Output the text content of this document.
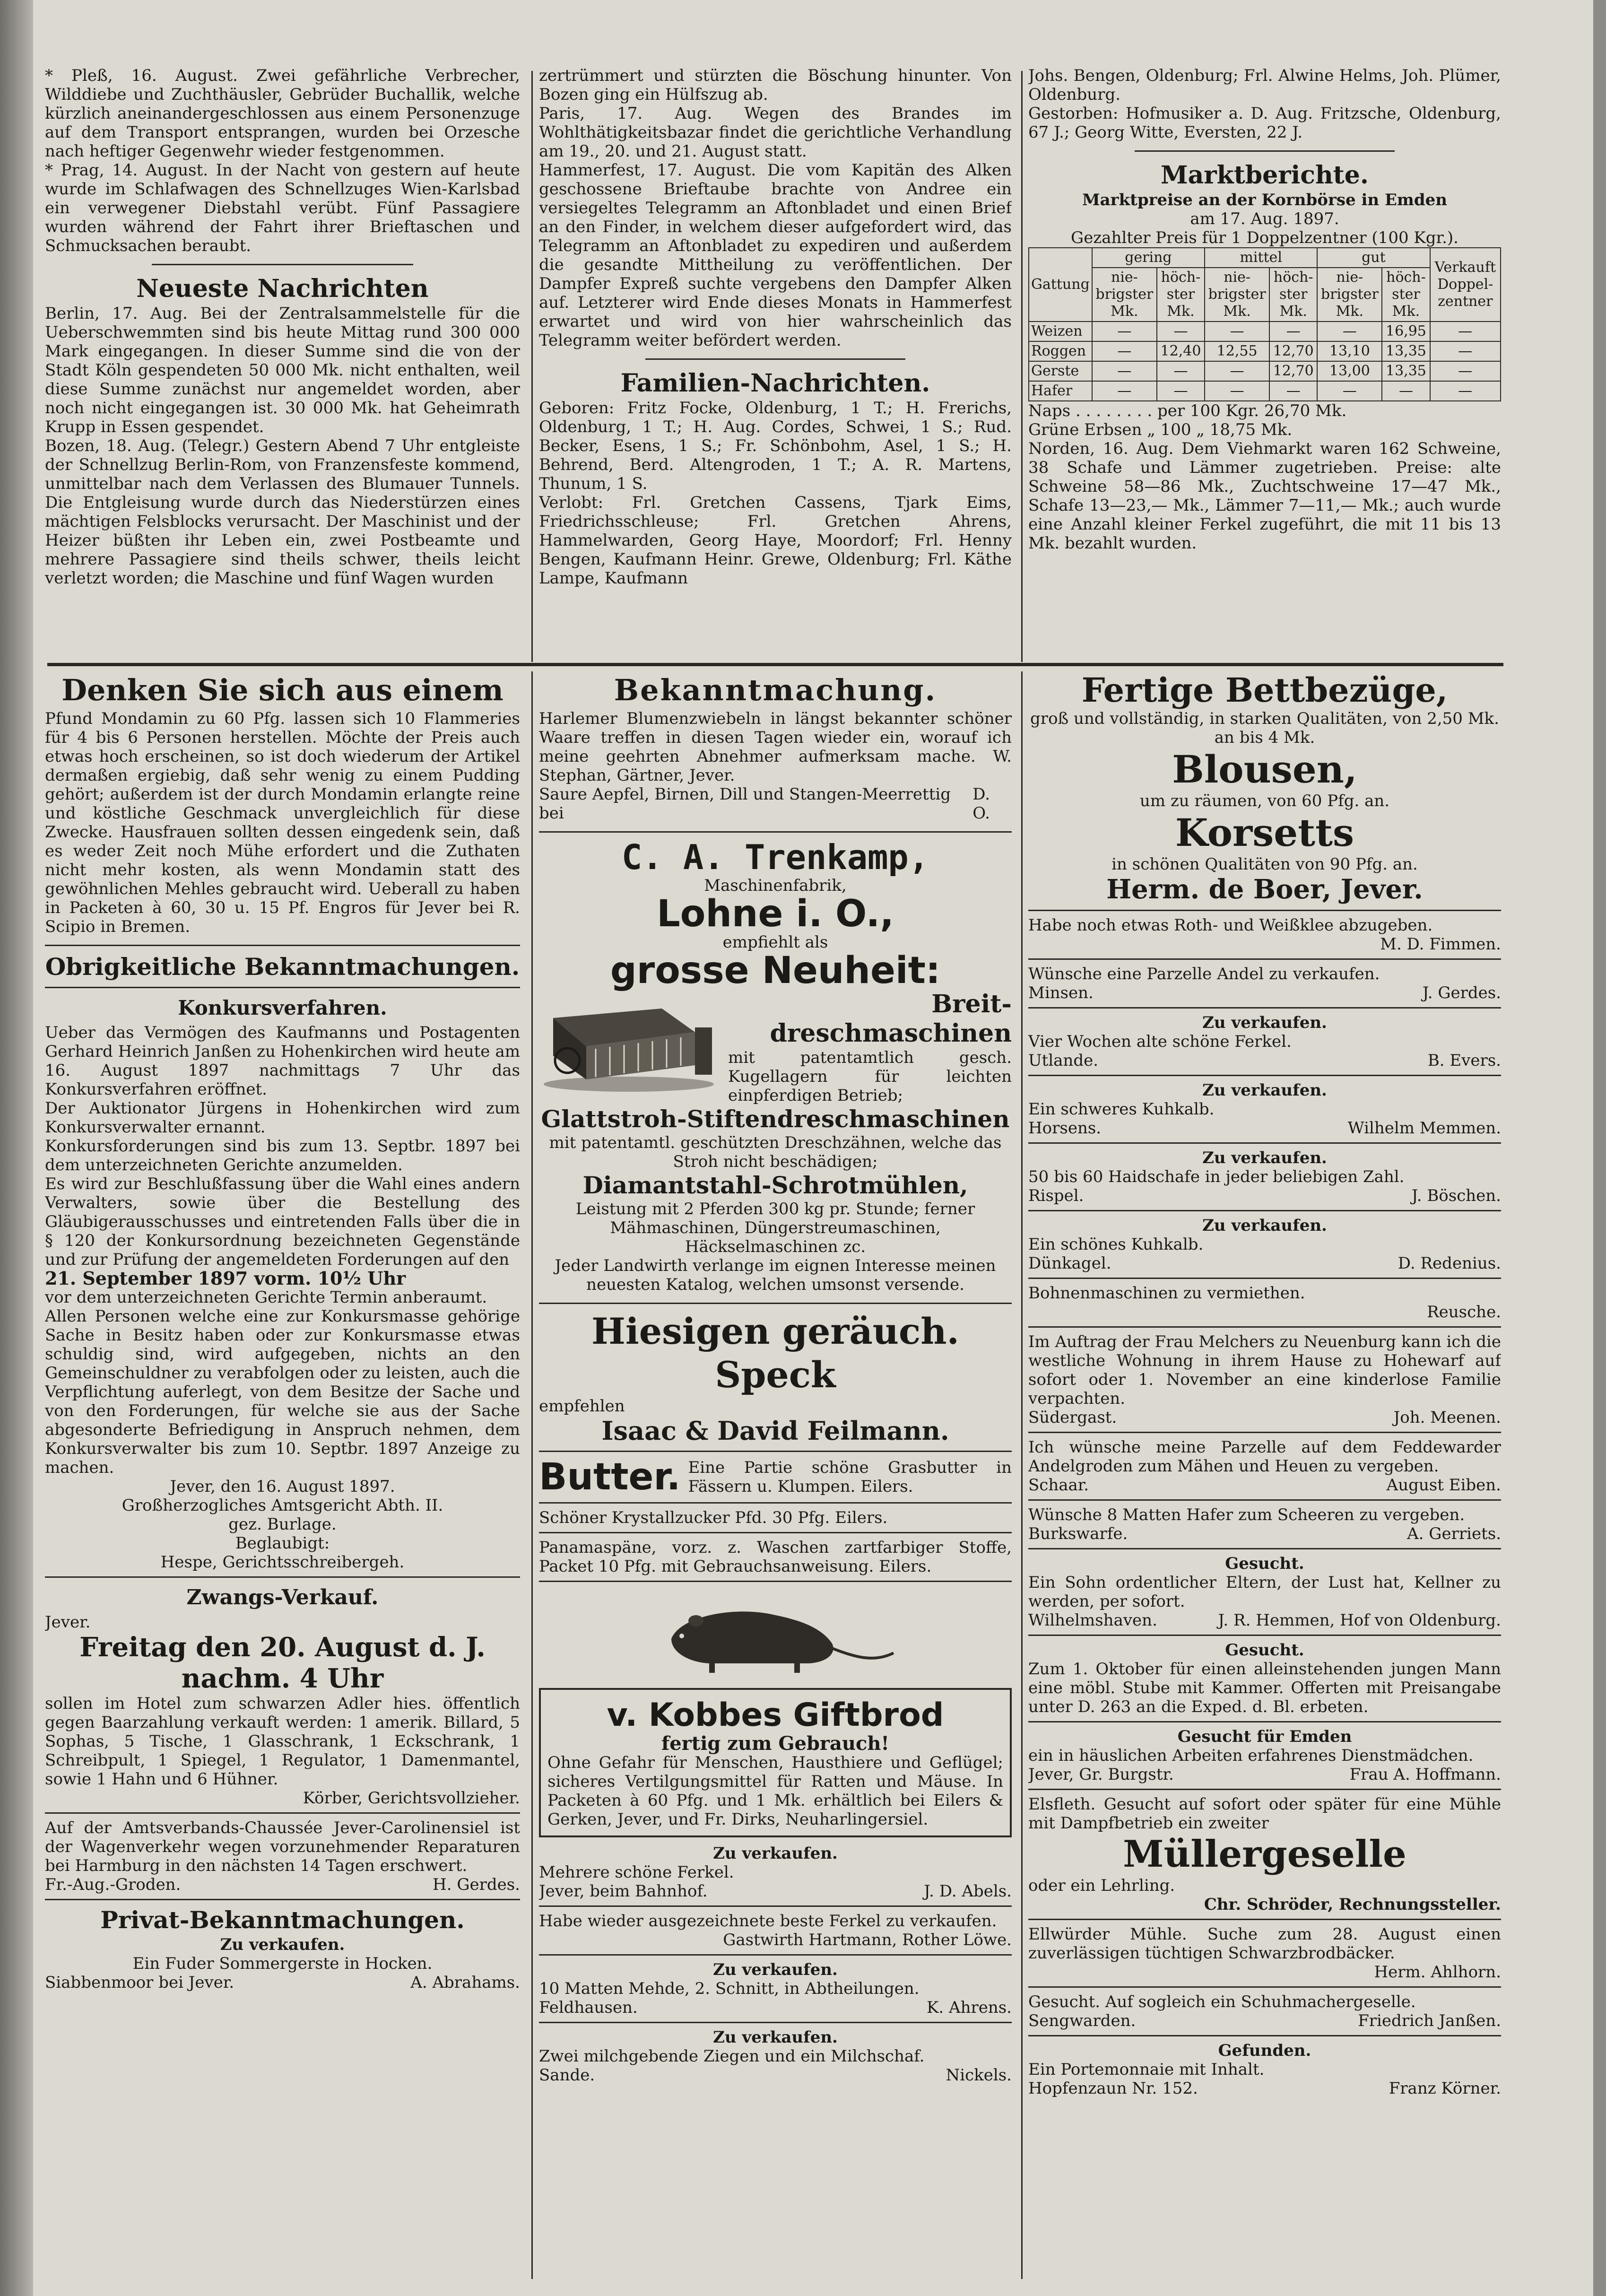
* Pleß, 16. August. Zwei gefährliche Verbrecher, Wilddiebe und Zuchthäusler, Gebrüder Buchallik, welche kürzlich aneinandergeschlossen aus einem Personenzuge auf dem Transport entsprangen, wurden bei Orzesche nach heftiger Gegenwehr wieder festgenommen.

* Prag, 14. August. In der Nacht von gestern auf heute wurde im Schlafwagen des Schnellzuges Wien-Karlsbad ein verwegener Diebstahl verübt. Fünf Passagiere wurden während der Fahrt ihrer Brieftaschen und Schmucksachen beraubt.

Neueste Nachrichten

Berlin, 17. Aug. Bei der Zentralsammelstelle für die Ueberschwemmten sind bis heute Mittag rund 300 000 Mark eingegangen. In dieser Summe sind die von der Stadt Köln gespendeten 50 000 Mk. nicht enthalten, weil diese Summe zunächst nur angemeldet worden, aber noch nicht eingegangen ist. 30 000 Mk. hat Geheimrath Krupp in Essen gespendet.

Bozen, 18. Aug. (Telegr.) Gestern Abend 7 Uhr entgleiste der Schnellzug Berlin-Rom, von Franzensfeste kommend, unmittelbar nach dem Verlassen des Blumauer Tunnels. Die Entgleisung wurde durch das Niederstürzen eines mächtigen Felsblocks verursacht. Der Maschinist und der Heizer büßten ihr Leben ein, zwei Postbeamte und mehrere Passagiere sind theils schwer, theils leicht verletzt worden; die Maschine und fünf Wagen wurden

zertrümmert und stürzten die Böschung hinunter. Von Bozen ging ein Hülfszug ab.

Paris, 17. Aug. Wegen des Brandes im Wohlthätigkeitsbazar findet die gerichtliche Verhandlung am 19., 20. und 21. August statt.

Hammerfest, 17. August. Die vom Kapitän des Alken geschossene Brieftaube brachte von Andree ein versiegeltes Telegramm an Aftonbladet und einen Brief an den Finder, in welchem dieser aufgefordert wird, das Telegramm an Aftonbladet zu expediren und außerdem die gesandte Mittheilung zu veröffentlichen. Der Dampfer Expreß suchte vergebens den Dampfer Alken auf. Letzterer wird Ende dieses Monats in Hammerfest erwartet und wird von hier wahrscheinlich das Telegramm weiter befördert werden.

Familien-Nachrichten.

Geboren: Fritz Focke, Oldenburg, 1 T.; H. Frerichs, Oldenburg, 1 T.; H. Aug. Cordes, Schwei, 1 S.; Rud. Becker, Esens, 1 S.; Fr. Schönbohm, Asel, 1 S.; H. Behrend, Berd. Altengroden, 1 T.; A. R. Martens, Thunum, 1 S.

Verlobt: Frl. Gretchen Cassens, Tjark Eims, Friedrichsschleuse; Frl. Gretchen Ahrens, Hammelwarden, Georg Haye, Moordorf; Frl. Henny Bengen, Kaufmann Heinr. Grewe, Oldenburg; Frl. Käthe Lampe, Kaufmann

Johs. Bengen, Oldenburg; Frl. Alwine Helms, Joh. Plümer, Oldenburg.

Gestorben: Hofmusiker a. D. Aug. Fritzsche, Oldenburg, 67 J.; Georg Witte, Eversten, 22 J.

Marktberichte.

Marktpreise an der Kornbörse in Emden

am 17. Aug. 1897.

Gezahlter Preis für 1 Doppelzentner (100 Kgr.).

Gattung	gering		mittel		gut		Verkauft Doppel- zentner
	nie- brigster Mk.	höch- ster Mk.	nie- brigster Mk.	höch- ster Mk.	nie- brigster Mk.	höch- ster Mk.	
Weizen	—	—	—	—	—	16,95	—
Roggen	—	12,40	12,55	12,70	13,10	13,35	—
Gerste	—	—	—	12,70	13,00	13,35	—
Hafer	—	—	—	—	—	—	—

Naps . . . . . . . . per 100 Kgr. 26,70 Mk.

Grüne Erbsen „ 100 „ 18,75 Mk.

Norden, 16. Aug. Dem Viehmarkt waren 162 Schweine, 38 Schafe und Lämmer zugetrieben. Preise: alte Schweine 58—86 Mk., Zuchtschweine 17—47 Mk., Schafe 13—23,— Mk., Lämmer 7—11,— Mk.; auch wurde eine Anzahl kleiner Ferkel zugeführt, die mit 11 bis 13 Mk. bezahlt wurden.

Denken Sie sich aus einem

Pfund Mondamin zu 60 Pfg. lassen sich 10 Flammeries für 4 bis 6 Personen herstellen. Möchte der Preis auch etwas hoch erscheinen, so ist doch wiederum der Artikel dermaßen ergiebig, daß sehr wenig zu einem Pudding gehört; außerdem ist der durch Mondamin erlangte reine und köstliche Geschmack unvergleichlich für diese Zwecke. Hausfrauen sollten dessen eingedenk sein, daß es weder Zeit noch Mühe erfordert und die Zuthaten nicht mehr kosten, als wenn Mondamin statt des gewöhnlichen Mehles gebraucht wird. Ueberall zu haben in Packeten à 60, 30 u. 15 Pf. Engros für Jever bei R. Scipio in Bremen.

Obrigkeitliche Bekanntmachungen.

Konkursverfahren.

Ueber das Vermögen des Kaufmanns und Postagenten Gerhard Heinrich Janßen zu Hohenkirchen wird heute am 16. August 1897 nachmittags 7 Uhr das Konkursverfahren eröffnet.

Der Auktionator Jürgens in Hohenkirchen wird zum Konkursverwalter ernannt.

Konkursforderungen sind bis zum 13. Septbr. 1897 bei dem unterzeichneten Gerichte anzumelden.

Es wird zur Beschlußfassung über die Wahl eines andern Verwalters, sowie über die Bestellung des Gläubigerausschusses und eintretenden Falls über die in § 120 der Konkursordnung bezeichneten Gegenstände und zur Prüfung der angemeldeten Forderungen auf den

21. September 1897 vorm. 10½ Uhr

vor dem unterzeichneten Gerichte Termin anberaumt.

Allen Personen welche eine zur Konkursmasse gehörige Sache in Besitz haben oder zur Konkursmasse etwas schuldig sind, wird aufgegeben, nichts an den Gemeinschuldner zu verabfolgen oder zu leisten, auch die Verpflichtung auferlegt, von dem Besitze der Sache und von den Forderungen, für welche sie aus der Sache abgesonderte Befriedigung in Anspruch nehmen, dem Konkursverwalter bis zum 10. Septbr. 1897 Anzeige zu machen.

Jever, den 16. August 1897.

Großherzogliches Amtsgericht Abth. II.

gez. Burlage.

Beglaubigt:

Hespe, Gerichtsschreibergeh.

Zwangs-Verkauf.

Jever.

Freitag den 20. August d. J.

nachm. 4 Uhr

sollen im Hotel zum schwarzen Adler hies. öffentlich gegen Baarzahlung verkauft werden: 1 amerik. Billard, 5 Sophas, 5 Tische, 1 Glasschrank, 1 Eckschrank, 1 Schreibpult, 1 Spiegel, 1 Regulator, 1 Damenmantel, sowie 1 Hahn und 6 Hühner.

Körber, Gerichtsvollzieher.

Auf der Amtsverbands-Chaussée Jever-Carolinensiel ist der Wagenverkehr wegen vorzunehmender Reparaturen bei Harmburg in den nächsten 14 Tagen erschwert.

Fr.-Aug.-Groden.	H. Gerdes.

Privat-Bekanntmachungen.

Zu verkaufen.

Ein Fuder Sommergerste in Hocken.

Siabbenmoor bei Jever.	A. Abrahams.

Bekanntmachung.

Harlemer Blumenzwiebeln in längst bekannter schöner Waare treffen in diesen Tagen wieder ein, worauf ich meine geehrten Abnehmer aufmerksam mache. W. Stephan, Gärtner, Jever.

Saure Aepfel, Birnen, Dill und Stangen-Meerrettig bei
D. O.

C. A. Trenkamp,

Maschinenfabrik,

Lohne i. O.,

empfiehlt als

grosse Neuheit:

Breit-

dreschmaschinen

mit patentamtlich gesch. Kugellagern für leichten einpferdigen Betrieb;

Glattstroh-Stiftendreschmaschinen

mit patentamtl. geschützten Dreschzähnen, welche das Stroh nicht beschädigen;

Diamantstahl-Schrotmühlen,

Leistung mit 2 Pferden 300 kg pr. Stunde; ferner Mähmaschinen, Düngerstreumaschinen, Häckselmaschinen zc.

Jeder Landwirth verlange im eignen Interesse meinen neuesten Katalog, welchen umsonst versende.

Hiesigen geräuch. Speck

empfehlen

Isaac & David Feilmann.

Butter. Eine Partie schöne Grasbutter in Fässern u. Klumpen. Eilers.

Schöner Krystallzucker Pfd. 30 Pfg. Eilers.

Panamaspäne, vorz. z. Waschen zartfarbiger Stoffe, Packet 10 Pfg. mit Gebrauchsanweisung. Eilers.

v. Kobbes Giftbrod

fertig zum Gebrauch!

Ohne Gefahr für Menschen, Hausthiere und Geflügel; sicheres Vertilgungsmittel für Ratten und Mäuse. In Packeten à 60 Pfg. und 1 Mk. erhältlich bei Eilers & Gerken, Jever, und Fr. Dirks, Neuharlingersiel.

Zu verkaufen.

Mehrere schöne Ferkel.

Jever, beim Bahnhof.	J. D. Abels.

Habe wieder ausgezeichnete beste Ferkel zu verkaufen.

Gastwirth Hartmann, Rother Löwe.

Zu verkaufen.

10 Matten Mehde, 2. Schnitt, in Abtheilungen.

Feldhausen.	K. Ahrens.

Zu verkaufen.

Zwei milchgebende Ziegen und ein Milchschaf.

Sande.	Nickels.

Fertige Bettbezüge,

groß und vollständig, in starken Qualitäten, von 2,50 Mk. an bis 4 Mk.

Blousen,

um zu räumen, von 60 Pfg. an.

Korsetts

in schönen Qualitäten von 90 Pfg. an.

Herm. de Boer, Jever.

Habe noch etwas Roth- und Weißklee abzugeben.

M. D. Fimmen.

Wünsche eine Parzelle Andel zu verkaufen.

Minsen.	J. Gerdes.

Zu verkaufen.

Vier Wochen alte schöne Ferkel.

Utlande.	B. Evers.

Zu verkaufen.

Ein schweres Kuhkalb.

Horsens.	Wilhelm Memmen.

Zu verkaufen.

50 bis 60 Haidschafe in jeder beliebigen Zahl.

Rispel.	J. Böschen.

Zu verkaufen.

Ein schönes Kuhkalb.

Dünkagel.	D. Redenius.

Bohnenmaschinen zu vermiethen.

Reusche.

Im Auftrag der Frau Melchers zu Neuenburg kann ich die westliche Wohnung in ihrem Hause zu Hohewarf auf sofort oder 1. November an eine kinderlose Familie verpachten.

Südergast.	Joh. Meenen.

Ich wünsche meine Parzelle auf dem Feddewarder Andelgroden zum Mähen und Heuen zu vergeben.

Schaar.	August Eiben.

Wünsche 8 Matten Hafer zum Scheeren zu vergeben.

Burkswarfe.	A. Gerriets.

Gesucht.

Ein Sohn ordentlicher Eltern, der Lust hat, Kellner zu werden, per sofort.

Wilhelmshaven.	J. R. Hemmen, Hof von Oldenburg.

Gesucht.

Zum 1. Oktober für einen alleinstehenden jungen Mann eine möbl. Stube mit Kammer. Offerten mit Preisangabe unter D. 263 an die Exped. d. Bl. erbeten.

Gesucht für Emden

ein in häuslichen Arbeiten erfahrenes Dienstmädchen.

Jever, Gr. Burgstr.	Frau A. Hoffmann.

Elsfleth. Gesucht auf sofort oder später für eine Mühle mit Dampfbetrieb ein zweiter

Müllergeselle

oder ein Lehrling.

Chr. Schröder, Rechnungssteller.

Ellwürder Mühle. Suche zum 28. August einen zuverlässigen tüchtigen Schwarzbrodbäcker.

Herm. Ahlhorn.

Gesucht. Auf sogleich ein Schuhmachergeselle.

Sengwarden.	Friedrich Janßen.

Gefunden.

Ein Portemonnaie mit Inhalt.

Hopfenzaun Nr. 152.	Franz Körner.
